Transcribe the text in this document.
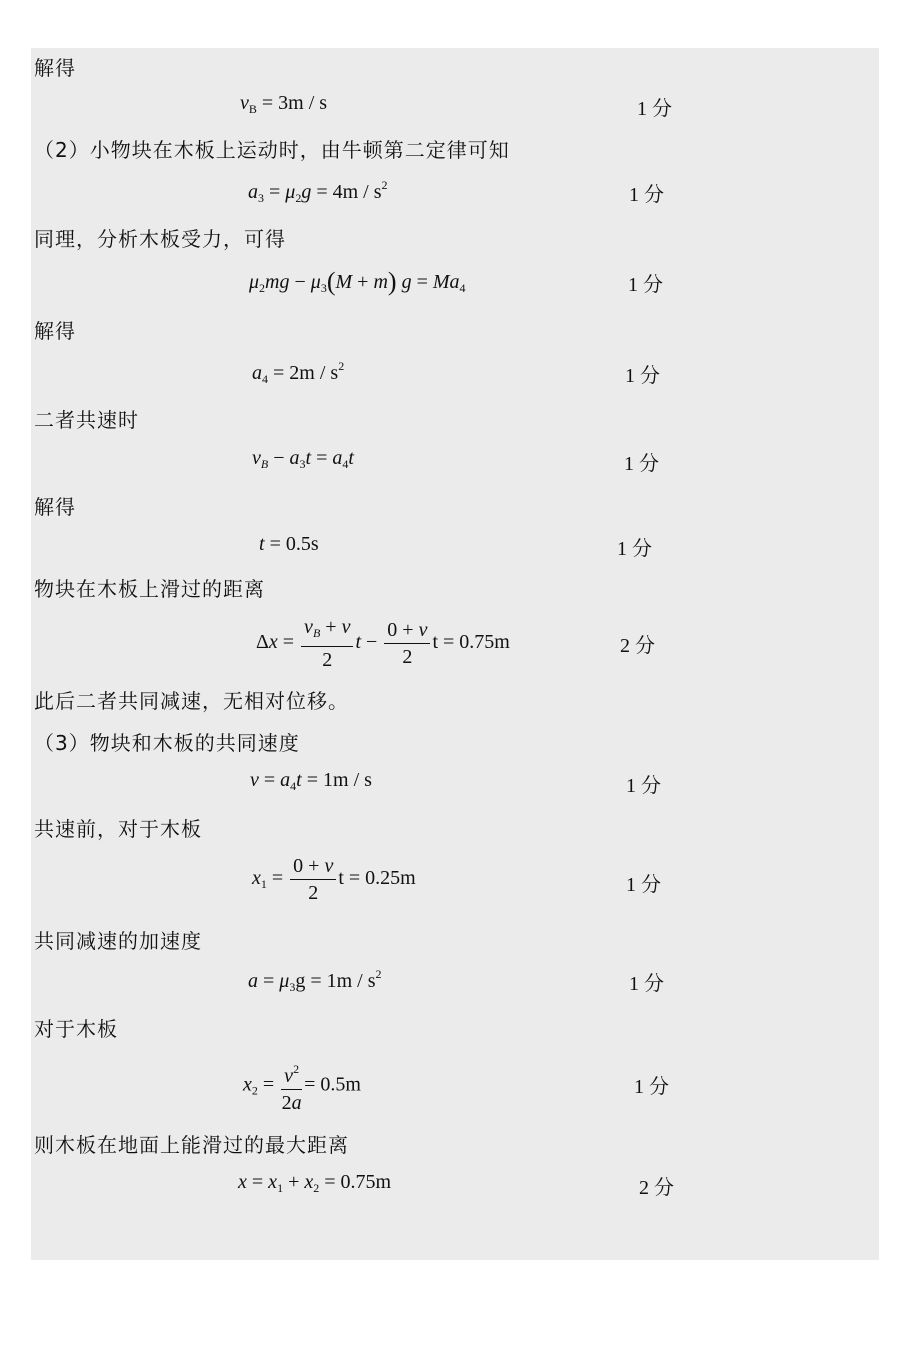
解得
（2）小物块在木板上运动时，由牛顿第二定律可知
同理，分析木板受力，可得
解得
二者共速时
解得
物块在木板上滑过的距离
此后二者共同减速，无相对位移。
（3）物块和木板的共同速度
共速前，对于木板
共同减速的加速度
对于木板
则木板在地面上能滑过的最大距离
$v_B = 3m / s$
$a_3 = \mu_2g = 4m / s^2$
$\mu_2mg - \mu_3(M + m) g = Ma_4$
$a_4 = 2m / s^2$
$v_B - a_3t = a_4t$
t = 0.5s
$\Delta x = \frac{v_B + v}{2}$ $t - \frac{0 + v}{2}$ t = 0.75m
$v = a_4t = 1m / s$
$x_1 = \frac{0 + v}{2}$ t = 0.25m
$a = \mu_3g = 1m / s^2$
$x_2 = \frac{v^2}{2a} = 0.5m$
$x = x_1 + x_2 = 0.75m$
1 分
1 分
1 分
1 分
1 分
1 分
2 分
1 分
1 分
1 分
1 分
2 分
